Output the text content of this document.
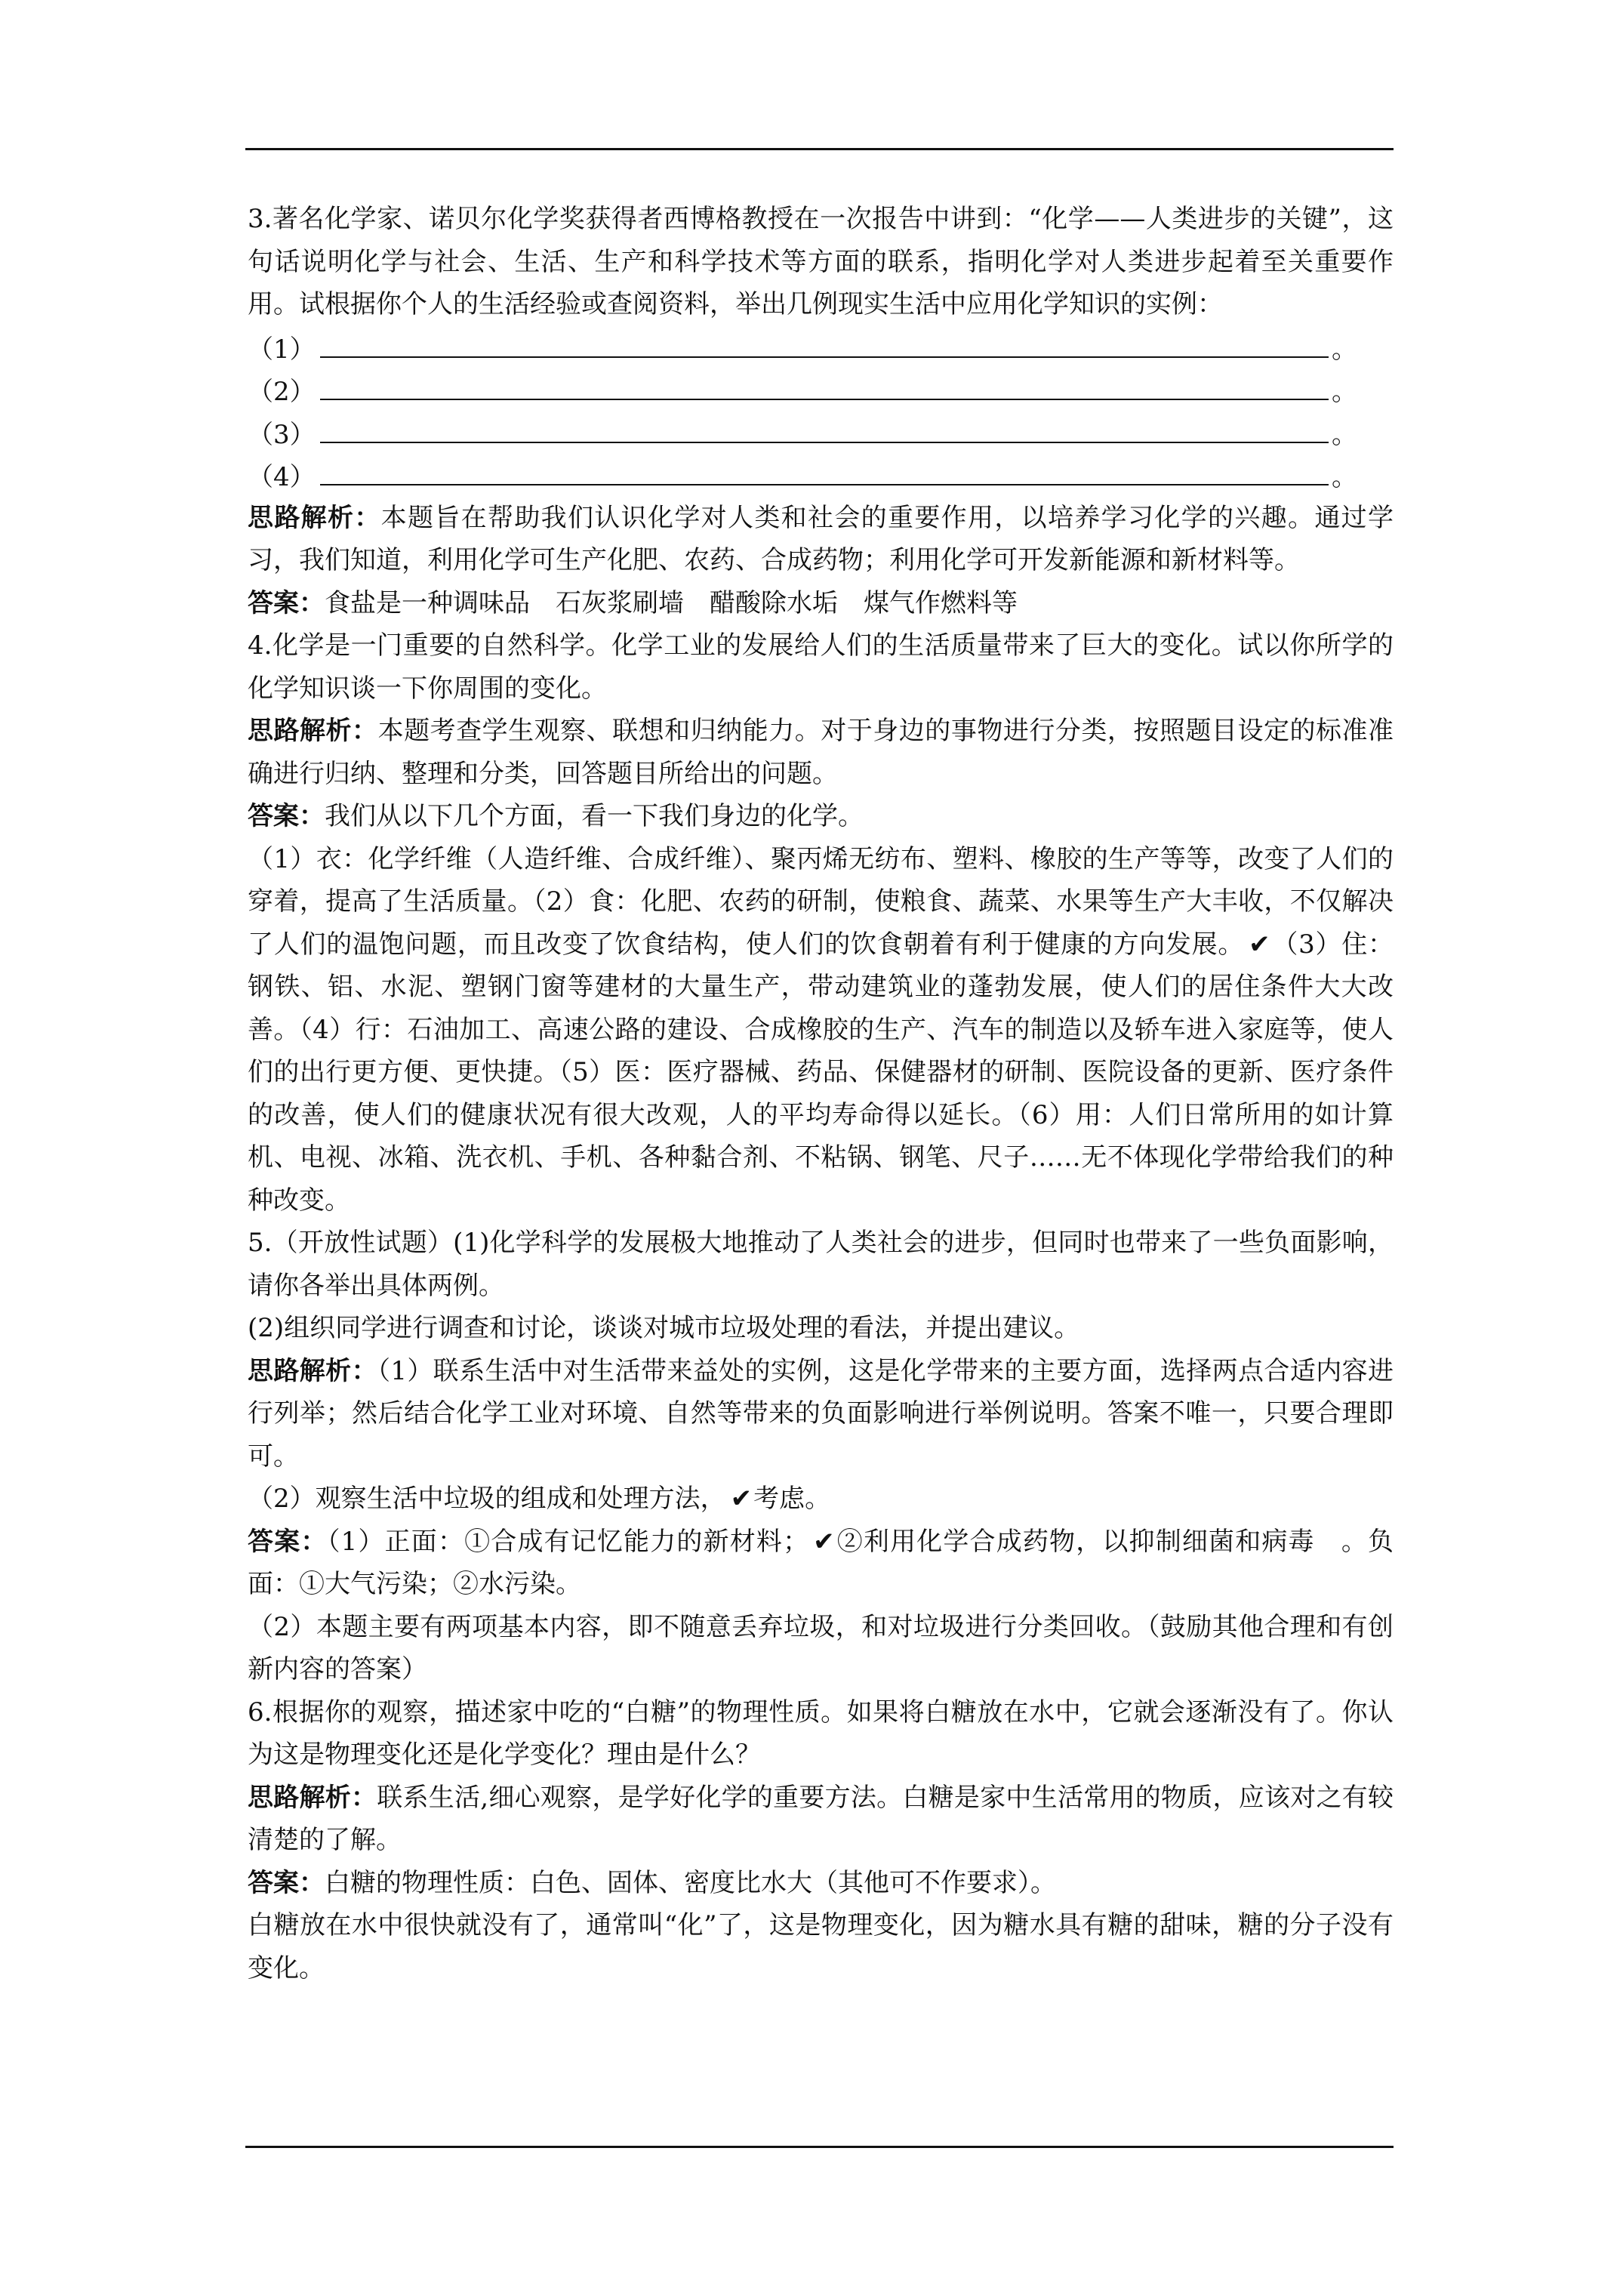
3.著名化学家、诺贝尔化学奖获得者西博格教授在一次报告中讲到：“化学——人类进步的关键”，这句话说明化学与社会、生活、生产和科学技术等方面的联系，指明化学对人类进步起着至关重要作用。试根据你个人的生活经验或查阅资料，举出几例现实生活中应用化学知识的实例：

（1）	。
（2）	。
（3）	。
（4）	。

思路解析：本题旨在帮助我们认识化学对人类和社会的重要作用，以培养学习化学的兴趣。通过学习，我们知道，利用化学可生产化肥、农药、合成药物；利用化学可开发新能源和新材料等。

答案：食盐是一种调味品　石灰浆刷墙　醋酸除水垢　煤气作燃料等

4.化学是一门重要的自然科学。化学工业的发展给人们的生活质量带来了巨大的变化。试以你所学的化学知识谈一下你周围的变化。

思路解析：本题考查学生观察、联想和归纳能力。对于身边的事物进行分类，按照题目设定的标准准确进行归纳、整理和分类，回答题目所给出的问题。

答案：我们从以下几个方面，看一下我们身边的化学。

（1）衣：化学纤维（人造纤维、合成纤维）、聚丙烯无纺布、塑料、橡胶的生产等等，改变了人们的穿着，提高了生活质量。（2）食：化肥、农药的研制，使粮食、蔬菜、水果等生产大丰收，不仅解决了人们的温饱问题，而且改变了饮食结构，使人们的饮食朝着有利于健康的方向发展。 ✔（3）住：钢铁、铝、水泥、塑钢门窗等建材的大量生产，带动建筑业的蓬勃发展，使人们的居住条件大大改善。（4）行：石油加工、高速公路的建设、合成橡胶的生产、汽车的制造以及轿车进入家庭等，使人们的出行更方便、更快捷。（5）医：医疗器械、药品、保健器材的研制、医院设备的更新、医疗条件的改善，使人们的健康状况有很大改观，人的平均寿命得以延长。（6）用：人们日常所用的如计算机、电视、冰箱、洗衣机、手机、各种黏合剂、不粘锅、钢笔、尺子……无不体现化学带给我们的种种改变。

5.（开放性试题）(1)化学科学的发展极大地推动了人类社会的进步，但同时也带来了一些负面影响，请你各举出具体两例。

(2)组织同学进行调查和讨论，谈谈对城市垃圾处理的看法，并提出建议。

思路解析：（1）联系生活中对生活带来益处的实例，这是化学带来的主要方面，选择两点合适内容进行列举；然后结合化学工业对环境、自然等带来的负面影响进行举例说明。答案不唯一，只要合理即可。

（2）观察生活中垃圾的组成和处理方法， ✔考虑。

答案：（1）正面：①合成有记忆能力的新材料； ✔②利用化学合成药物，以抑制细菌和病毒　。负面：①大气污染；②水污染。

（2）本题主要有两项基本内容，即不随意丢弃垃圾，和对垃圾进行分类回收。（鼓励其他合理和有创新内容的答案）

6.根据你的观察，描述家中吃的“白糖”的物理性质。如果将白糖放在水中，它就会逐渐没有了。你认为这是物理变化还是化学变化？理由是什么？

思路解析：联系生活,细心观察，是学好化学的重要方法。白糖是家中生活常用的物质，应该对之有较清楚的了解。

答案：白糖的物理性质：白色、固体、密度比水大（其他可不作要求）。

白糖放在水中很快就没有了，通常叫“化”了，这是物理变化，因为糖水具有糖的甜味，糖的分子没有变化。
